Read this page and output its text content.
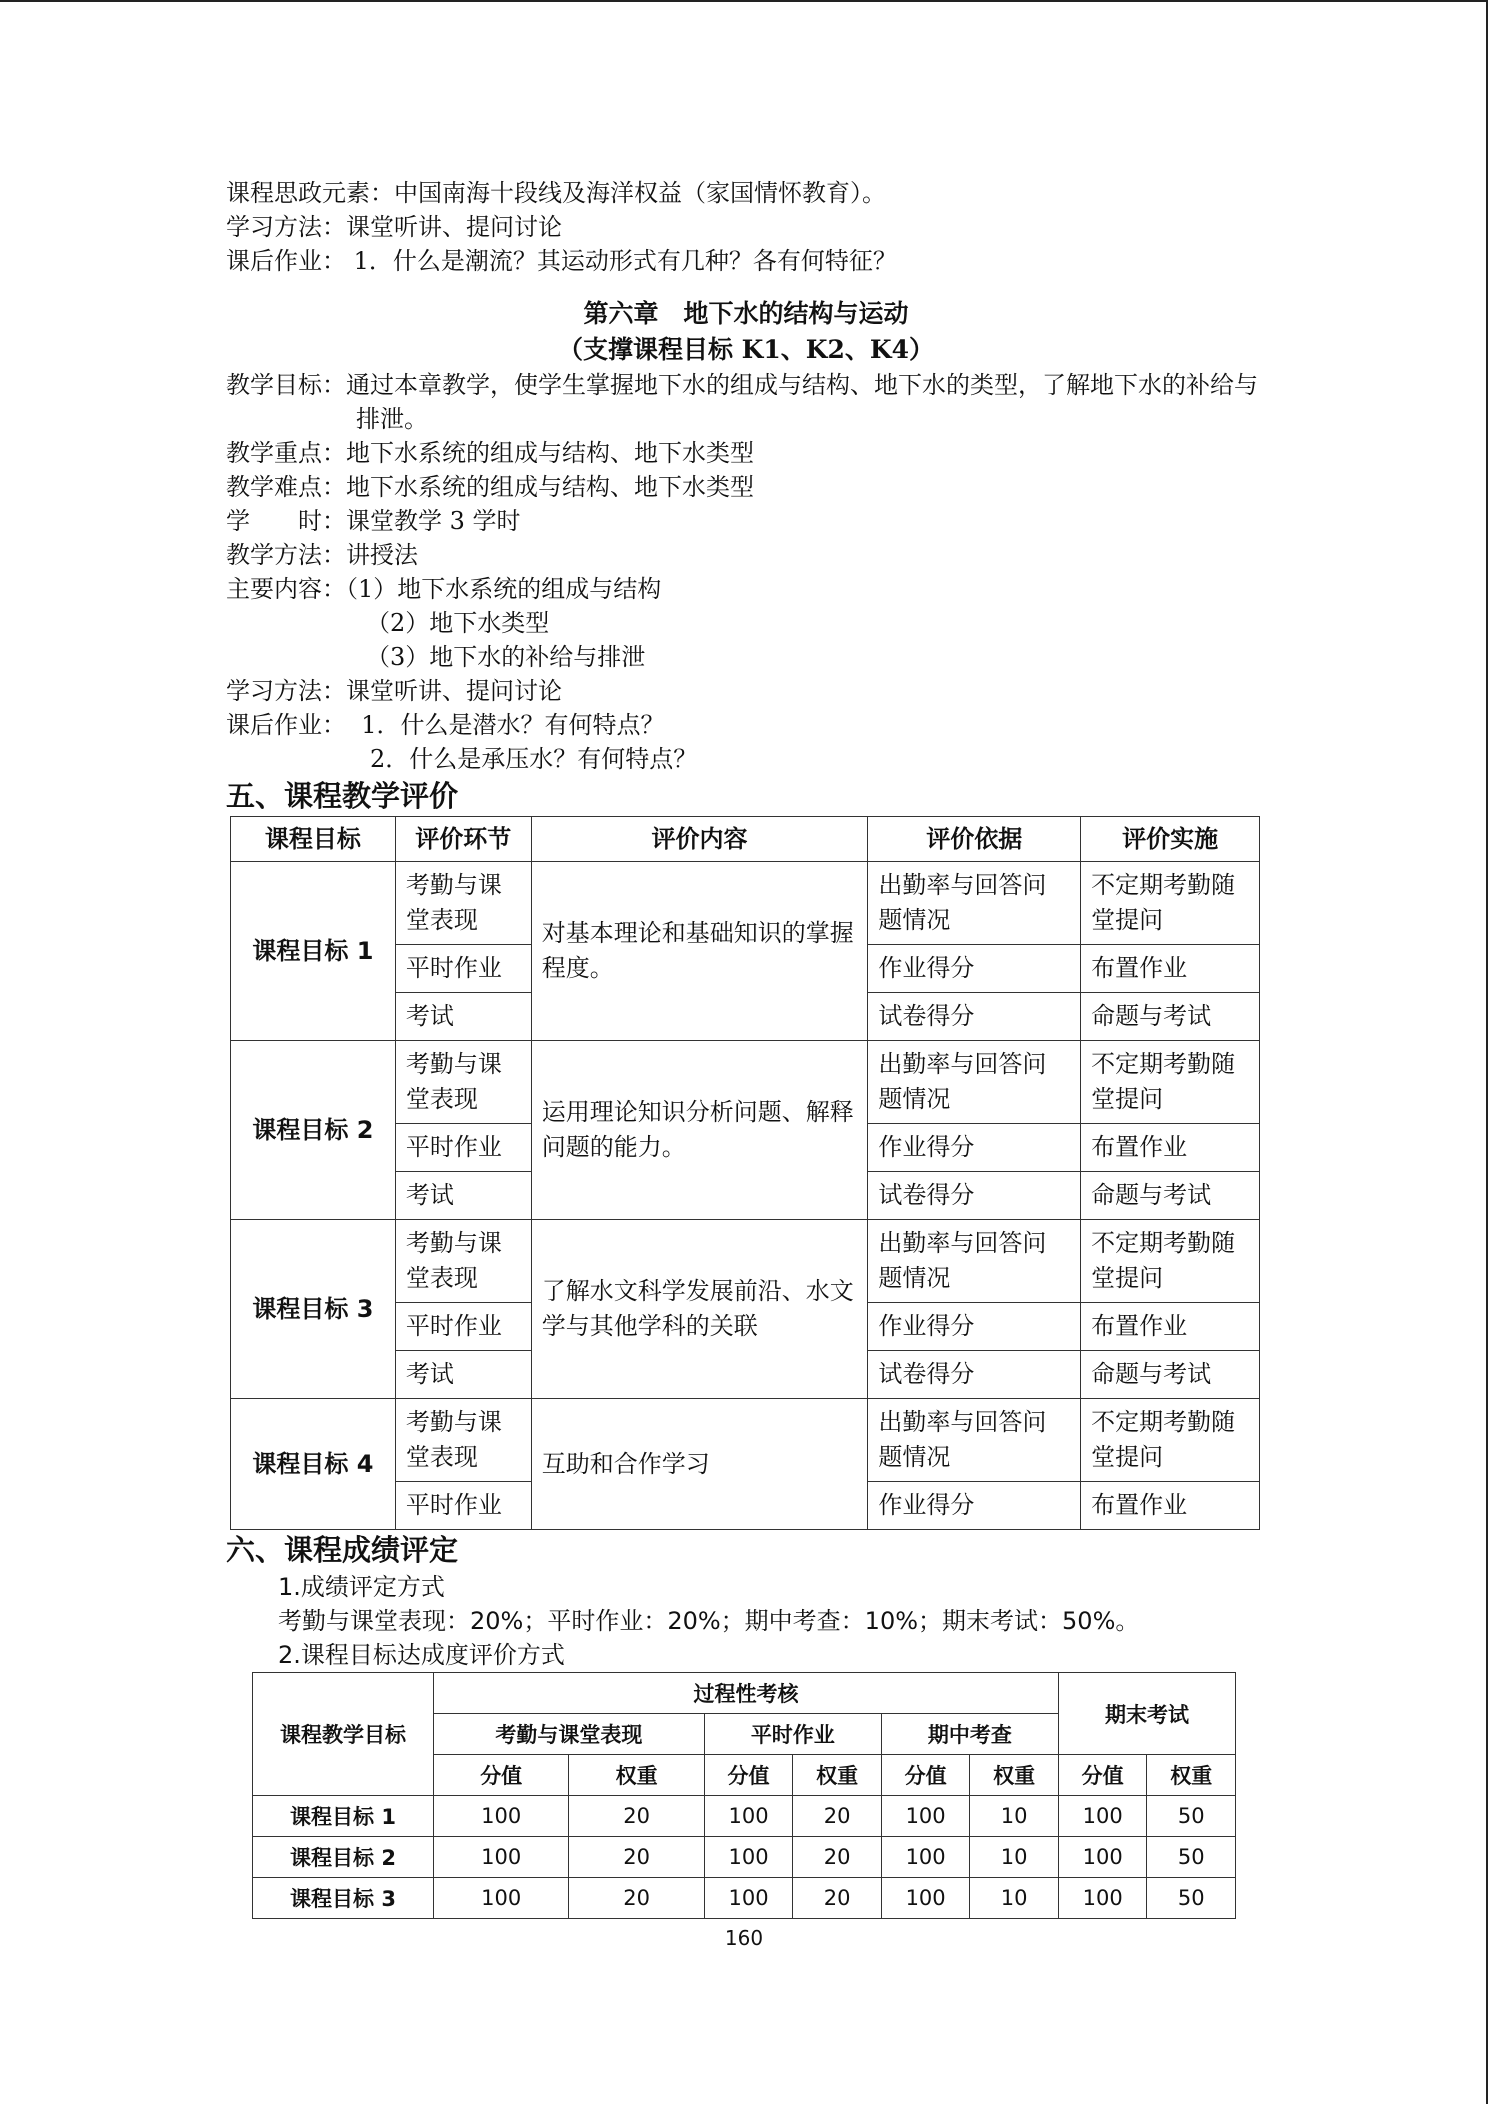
课程思政元素：中国南海十段线及海洋权益（家国情怀教育）。
学习方法：课堂听讲、提问讨论
课后作业： 1．什么是潮流？其运动形式有几种？各有何特征？
第六章　地下水的结构与运动
（支撑课程目标 K1、K2、K4）
教学目标：通过本章教学，使学生掌握地下水的组成与结构、地下水的类型，了解地下水的补给与排泄。
教学重点：地下水系统的组成与结构、地下水类型
教学难点：地下水系统的组成与结构、地下水类型
学　　时：课堂教学 3 学时
教学方法：讲授法
主要内容：（1）地下水系统的组成与结构
（2）地下水类型
（3）地下水的补给与排泄
学习方法：课堂听讲、提问讨论
课后作业： 1．什么是潜水？有何特点？
2．什么是承压水？有何特点？
五、课程教学评价
课程目标	评价环节	评价内容	评价依据	评价实施
课程目标 1	考勤与课堂表现	对基本理论和基础知识的掌握程度。	出勤率与回答问题情况	不定期考勤随堂提问
	平时作业		作业得分	布置作业
	考试		试卷得分	命题与考试
课程目标 2	考勤与课堂表现	运用理论知识分析问题、解释问题的能力。	出勤率与回答问题情况	不定期考勤随堂提问
	平时作业		作业得分	布置作业
	考试		试卷得分	命题与考试
课程目标 3	考勤与课堂表现	了解水文科学发展前沿、水文学与其他学科的关联	出勤率与回答问题情况	不定期考勤随堂提问
	平时作业		作业得分	布置作业
	考试		试卷得分	命题与考试
课程目标 4	考勤与课堂表现	互助和合作学习	出勤率与回答问题情况	不定期考勤随堂提问
	平时作业		作业得分	布置作业
六、课程成绩评定
1.成绩评定方式
考勤与课堂表现：20%；平时作业：20%；期中考查：10%；期末考试：50%。
2.课程目标达成度评价方式
课程教学目标	过程性考核						期末考试	
	考勤与课堂表现		平时作业		期中考查			
	分值	权重	分值	权重	分值	权重	分值	权重
课程目标 1	100	20	100	20	100	10	100	50
课程目标 2	100	20	100	20	100	10	100	50
课程目标 3	100	20	100	20	100	10	100	50
160
